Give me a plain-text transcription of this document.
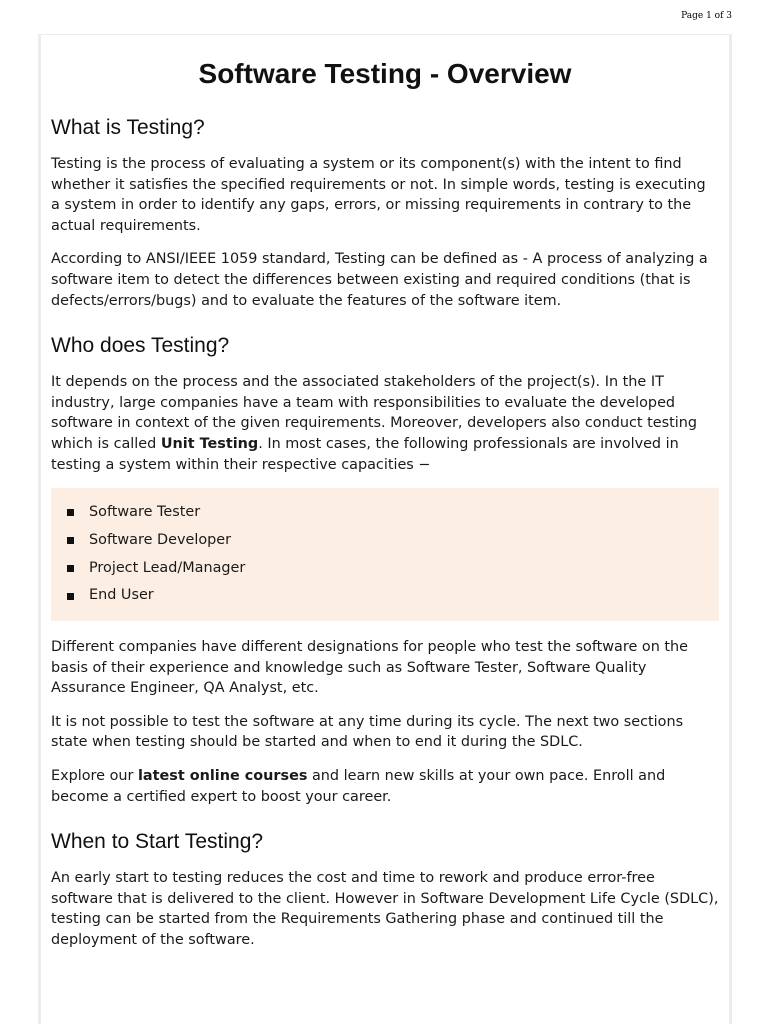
Page 1 of 3
Software Testing - Overview
What is Testing?

Testing is the process of evaluating a system or its component(s) with the intent to find whether it satisfies the specified requirements or not. In simple words, testing is executing a system in order to identify any gaps, errors, or missing requirements in contrary to the actual requirements.

According to ANSI/IEEE 1059 standard, Testing can be defined as - A process of analyzing a software item to detect the differences between existing and required conditions (that is defects/errors/bugs) and to evaluate the features of the software item.

Who does Testing?

It depends on the process and the associated stakeholders of the project(s). In the IT industry, large companies have a team with responsibilities to evaluate the developed software in context of the given requirements. Moreover, developers also conduct testing which is called Unit Testing. In most cases, the following professionals are involved in testing a system within their respective capacities −

Software Tester
Software Developer
Project Lead/Manager
End User

Different companies have different designations for people who test the software on the basis of their experience and knowledge such as Software Tester, Software Quality Assurance Engineer, QA Analyst, etc.

It is not possible to test the software at any time during its cycle. The next two sections state when testing should be started and when to end it during the SDLC.

Explore our latest online courses and learn new skills at your own pace. Enroll and become a certified expert to boost your career.

When to Start Testing?

An early start to testing reduces the cost and time to rework and produce error-free software that is delivered to the client. However in Software Development Life Cycle (SDLC), testing can be started from the Requirements Gathering phase and continued till the deployment of the software.
